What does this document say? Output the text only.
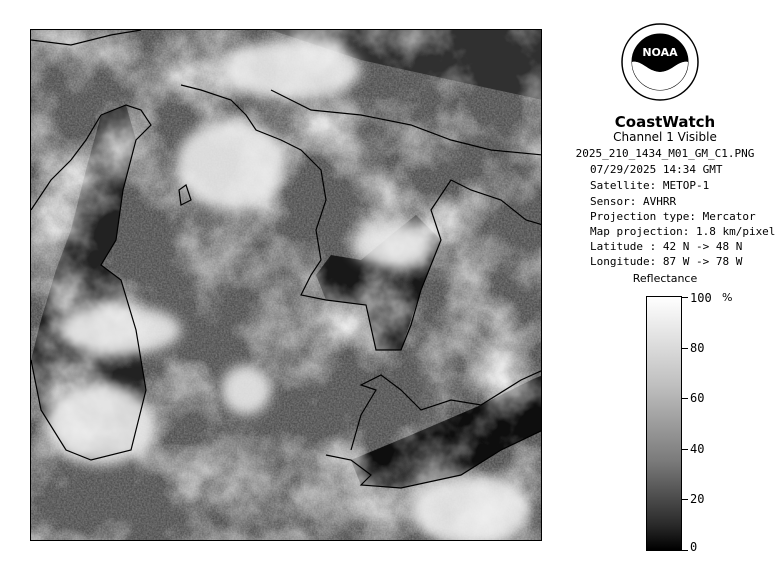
NOAA
CoastWatch
Channel 1 Visible
2025_210_1434_M01_GM_C1.PNG
07/29/2025 14:34 GMT
Satellite: METOP-1
Sensor: AVHRR
Projection type: Mercator
Map projection: 1.8 km/pixel
Latitude : 42 N -> 48 N
Longitude: 87 W -> 78 W
Reflectance
%
100
80
60
40
20
0
